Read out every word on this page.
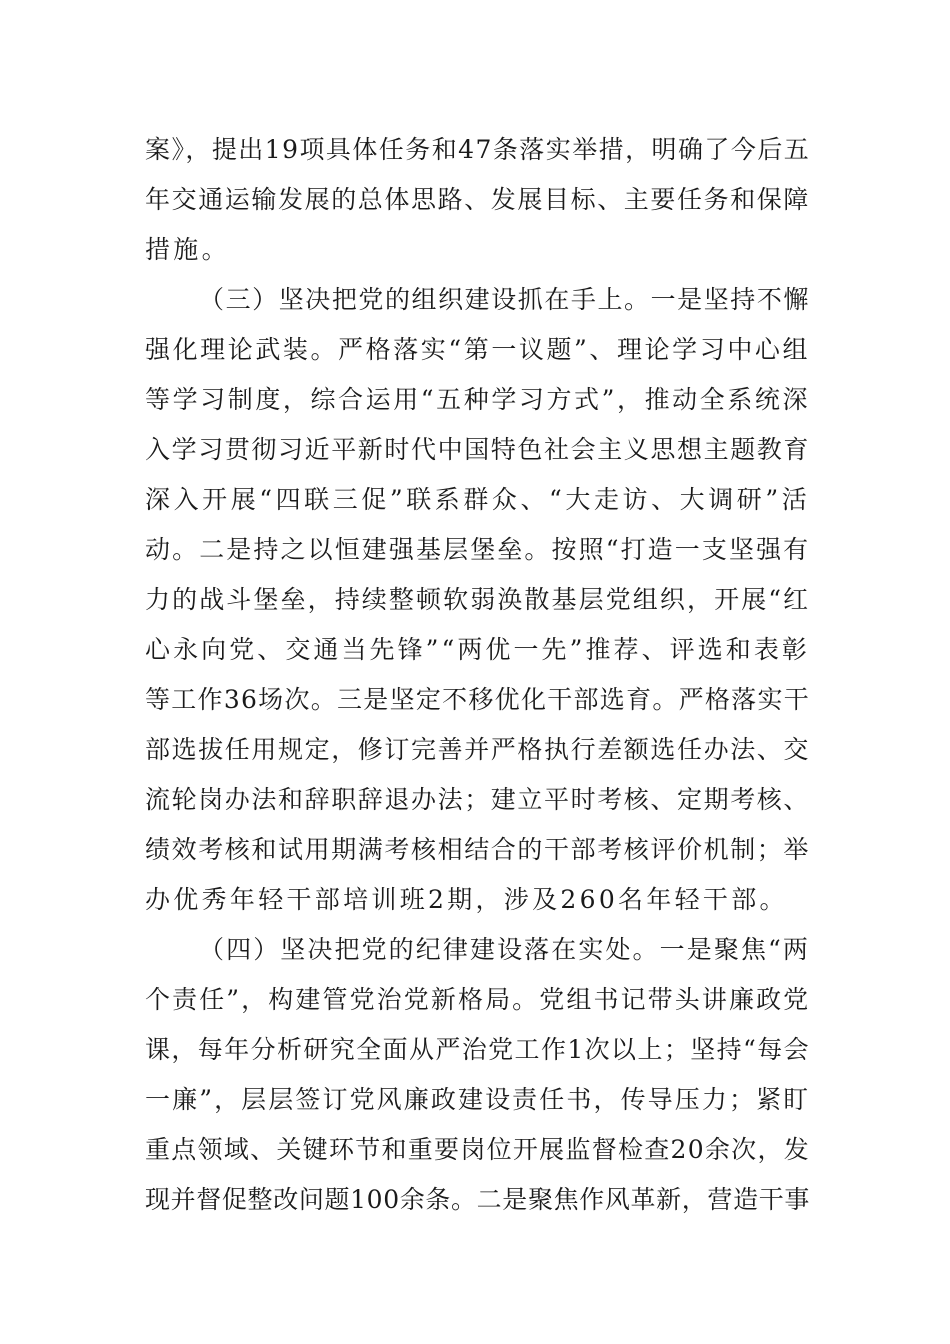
案》，提出19项具体任务和47条落实举措，明确了今后五

年交通运输发展的总体思路、发展目标、主要任务和保障

措施。

（三）坚决把党的组织建设抓在手上。一是坚持不懈

强化理论武装。严格落实“第一议题”、理论学习中心组

等学习制度，综合运用“五种学习方式”，推动全系统深

入学习贯彻习近平新时代中国特色社会主义思想主题教育

深入开展“四联三促”联系群众、“大走访、大调研”活

动。二是持之以恒建强基层堡垒。按照“打造一支坚强有

力的战斗堡垒，持续整顿软弱涣散基层党组织，开展“红

心永向党、交通当先锋”“两优一先”推荐、评选和表彰

等工作36场次。三是坚定不移优化干部选育。严格落实干

部选拔任用规定，修订完善并严格执行差额选任办法、交

流轮岗办法和辞职辞退办法；建立平时考核、定期考核、

绩效考核和试用期满考核相结合的干部考核评价机制；举

办优秀年轻干部培训班2期，涉及260名年轻干部。

（四）坚决把党的纪律建设落在实处。一是聚焦“两

个责任”，构建管党治党新格局。党组书记带头讲廉政党

课，每年分析研究全面从严治党工作1次以上；坚持“每会

一廉”，层层签订党风廉政建设责任书，传导压力；紧盯

重点领域、关键环节和重要岗位开展监督检查20余次，发

现并督促整改问题100余条。二是聚焦作风革新，营造干事
